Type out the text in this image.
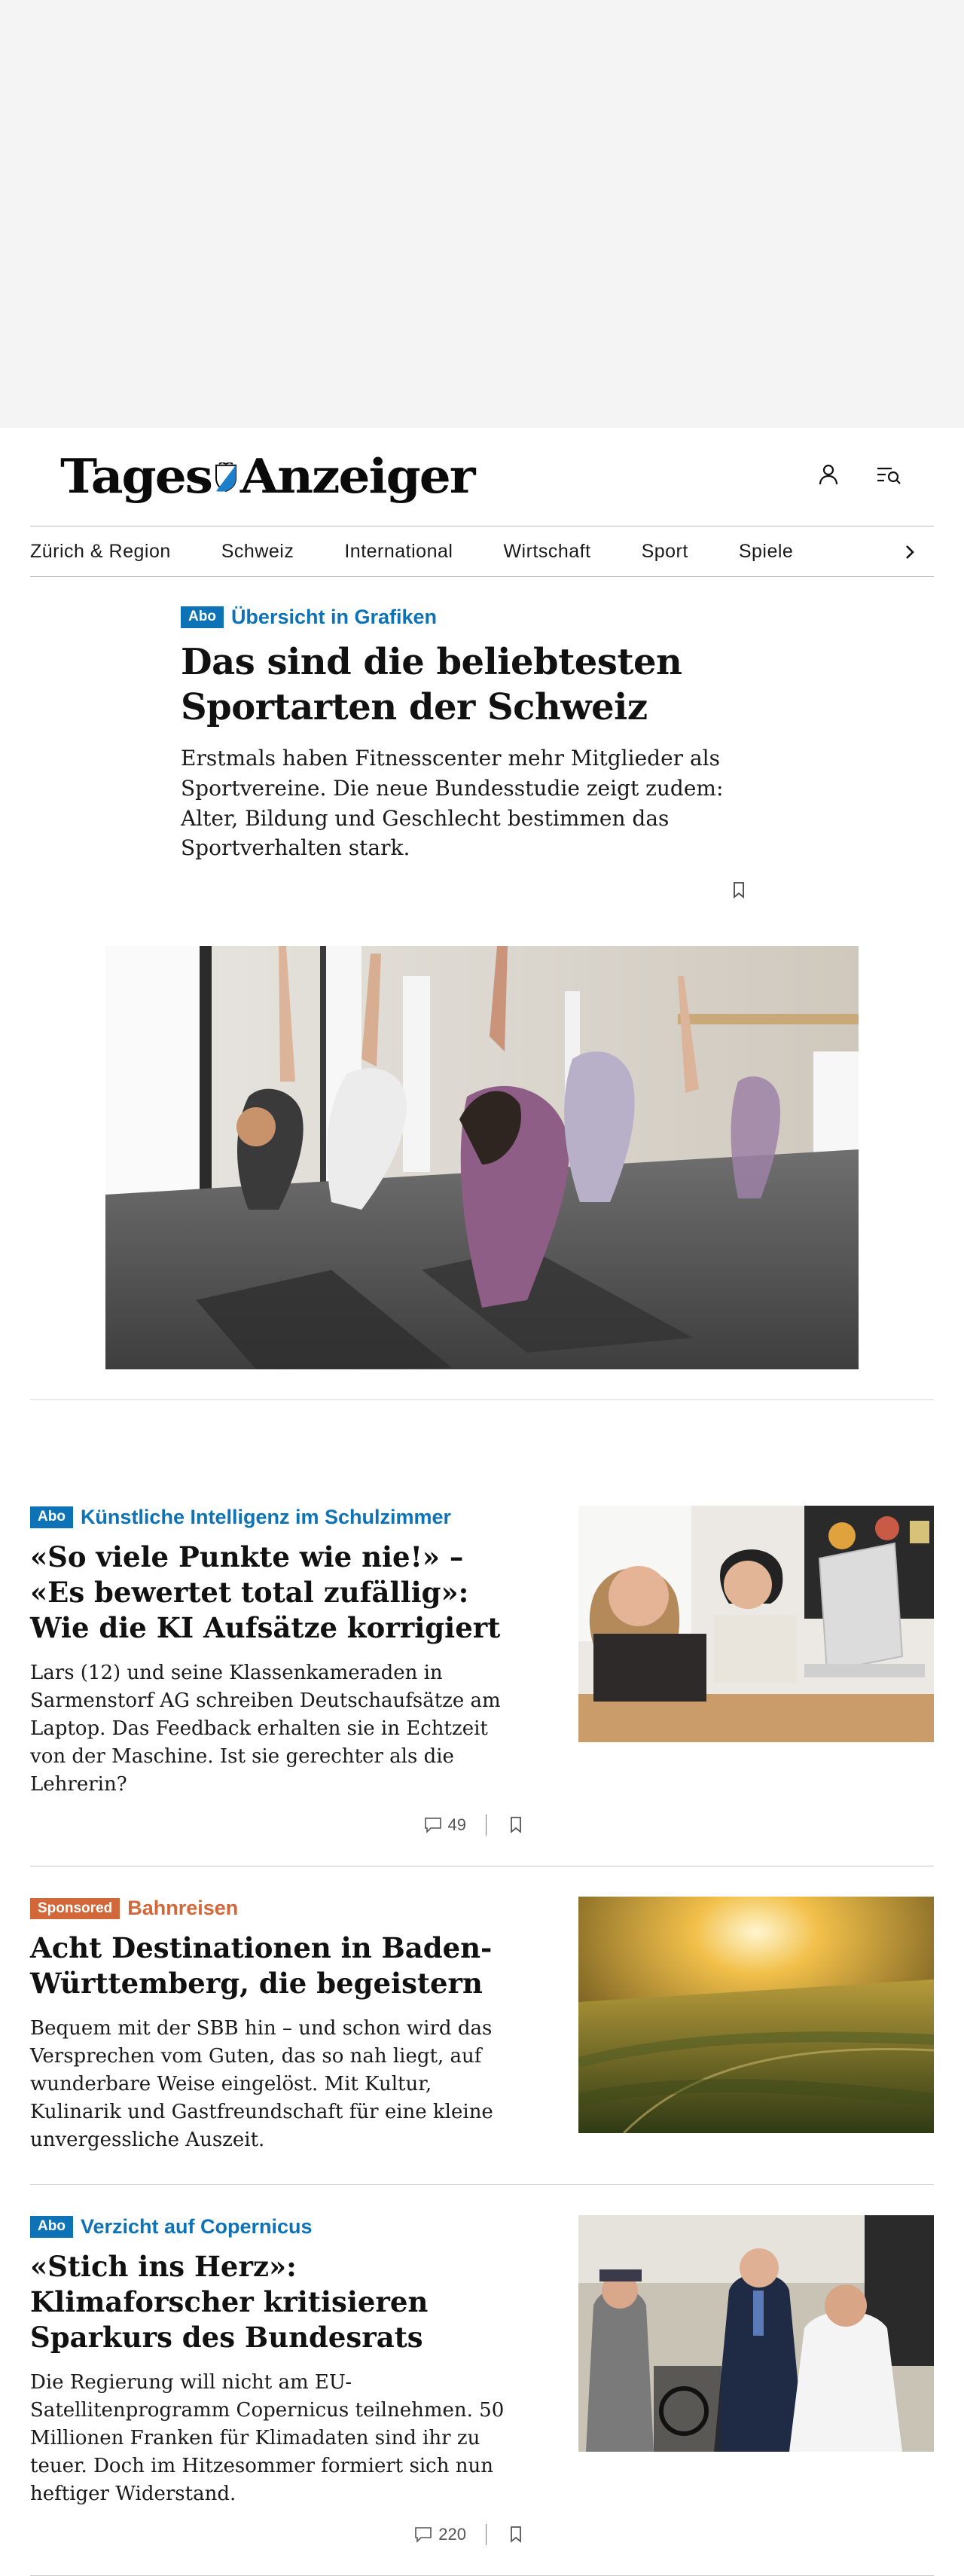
Tages Anzeiger
Zürich & Region	Schweiz	International	Wirtschaft	Sport	Spiele
Abo Übersicht in Grafiken
Das sind die beliebtesten Sportarten der Schweiz

Erstmals haben Fitnesscenter mehr Mitglieder als Sportvereine. Die neue Bundesstudie zeigt zudem: Alter, Bildung und Geschlecht bestimmen das Sportverhalten stark.

Abo Künstliche Intelligenz im Schulzimmer
«So viele Punkte wie nie!» – «Es bewertet total zufällig»: Wie die KI Aufsätze korrigiert

Lars (12) und seine Klassenkameraden in Sarmenstorf AG schreiben Deutschaufsätze am Laptop. Das Feedback erhalten sie in Echtzeit von der Maschine. Ist sie gerechter als die Lehrerin?

49
Sponsored Bahnreisen
Acht Destinationen in Baden-Württemberg, die begeistern

Bequem mit der SBB hin – und schon wird das Versprechen vom Guten, das so nah liegt, auf wunderbare Weise eingelöst. Mit Kultur, Kulinarik und Gastfreundschaft für eine kleine unvergessliche Auszeit.

Abo Verzicht auf Copernicus
«Stich ins Herz»: Klimaforscher kritisieren Sparkurs des Bundesrats

Die Regierung will nicht am EU-Satellitenprogramm Copernicus teilnehmen. 50 Millionen Franken für Klimadaten sind ihr zu teuer. Doch im Hitzesommer formiert sich nun heftiger Widerstand.

220
